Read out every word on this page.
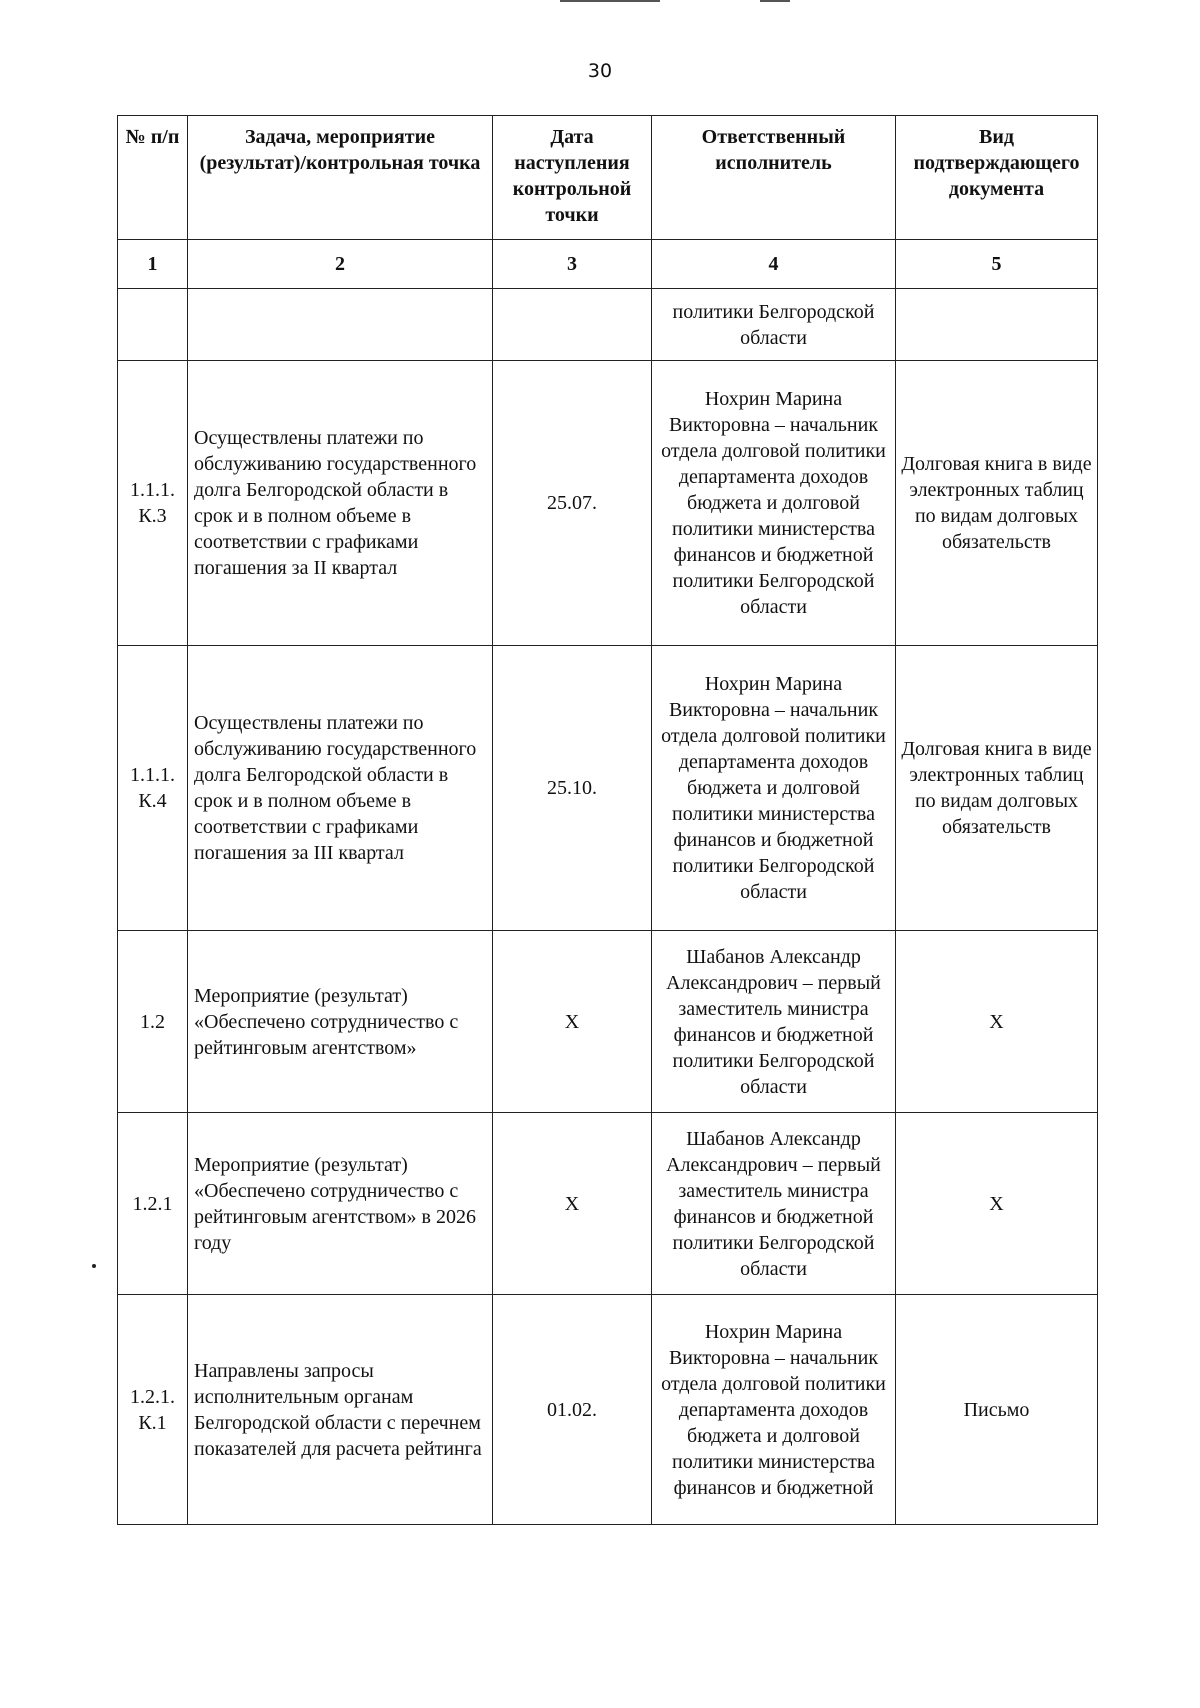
30
№ п/п	Задача, мероприятие (результат)/контрольная точка	Дата наступления контрольной точки	Ответственный исполнитель	Вид подтверждающего документа
1	2	3	4	5
			политики Белгородской области	
1.1.1. К.3	Осуществлены платежи по обслуживанию государственного долга Белгородской области в срок и в полном объеме в соответствии с графиками погашения за II квартал	25.07.	Нохрин Марина Викторовна – начальник отдела долговой политики департамента доходов бюджета и долговой политики министерства финансов и бюджетной политики Белгородской области	Долговая книга в виде электронных таблиц по видам долговых обязательств
1.1.1. К.4	Осуществлены платежи по обслуживанию государственного долга Белгородской области в срок и в полном объеме в соответствии с графиками погашения за III квартал	25.10.	Нохрин Марина Викторовна – начальник отдела долговой политики департамента доходов бюджета и долговой политики министерства финансов и бюджетной политики Белгородской области	Долговая книга в виде электронных таблиц по видам долговых обязательств
1.2	Мероприятие (результат) «Обеспечено сотрудничество с рейтинговым агентством»	Х	Шабанов Александр Александрович – первый заместитель министра финансов и бюджетной политики Белгородской области	Х
1.2.1	Мероприятие (результат) «Обеспечено сотрудничество с рейтинговым агентством» в 2026 году	Х	Шабанов Александр Александрович – первый заместитель министра финансов и бюджетной политики Белгородской области	Х
1.2.1. К.1	Направлены запросы исполнительным органам Белгородской области с перечнем показателей для расчета рейтинга	01.02.	Нохрин Марина Викторовна – начальник отдела долговой политики департамента доходов бюджета и долговой политики министерства финансов и бюджетной	Письмо
